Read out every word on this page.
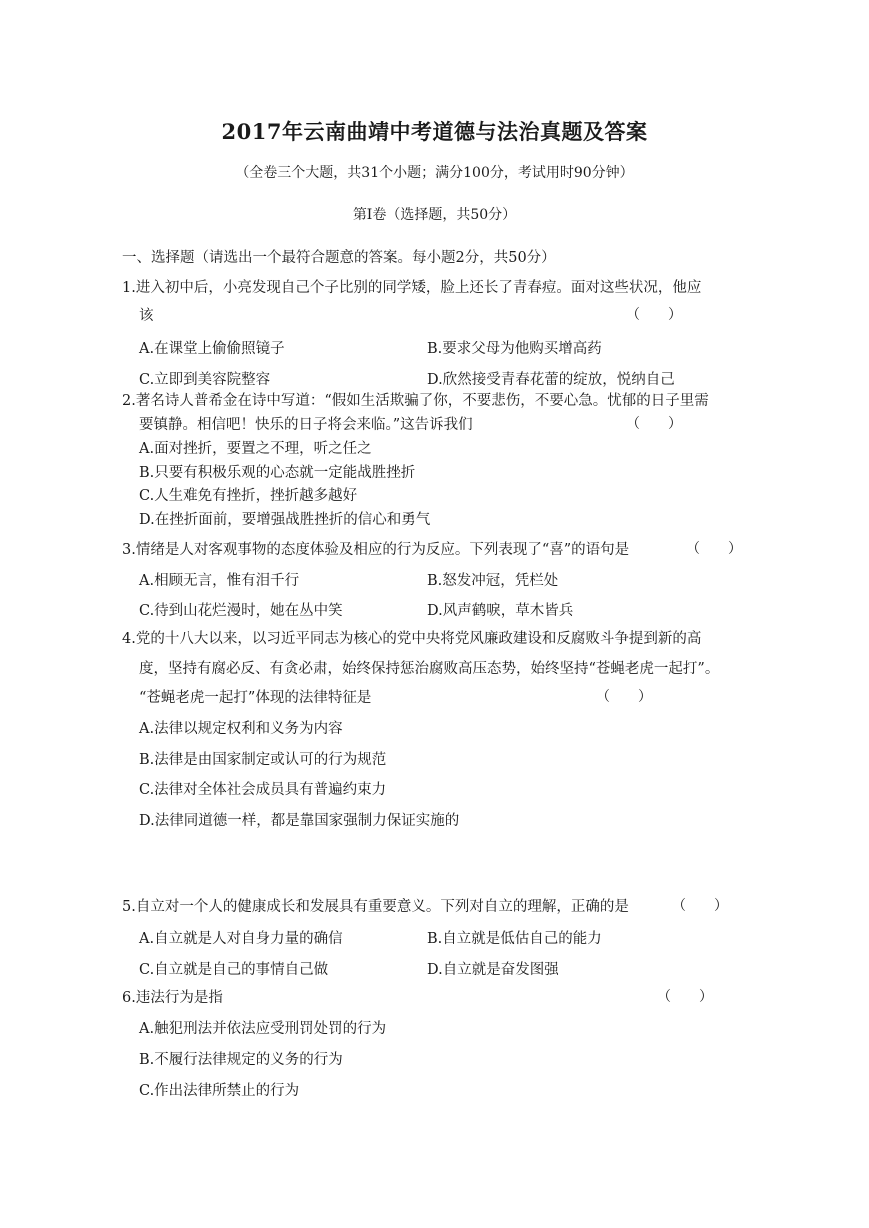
2017年云南曲靖中考道德与法治真题及答案
（全卷三个大题，共31个小题；满分100分，考试用时90分钟）
第Ⅰ卷（选择题，共50分）
一、选择题（请选出一个最符合题意的答案。每小题2分，共50分）
1.进入初中后，小亮发现自己个子比别的同学矮，脸上还长了青春痘。面对这些状况，他应
该	（　　）
A.在课堂上偷偷照镜子	B.要求父母为他购买增高药
C.立即到美容院整容	D.欣然接受青春花蕾的绽放，悦纳自己
2.著名诗人普希金在诗中写道：“假如生活欺骗了你，不要悲伤，不要心急。忧郁的日子里需
要镇静。相信吧！快乐的日子将会来临。”这告诉我们	（　　）
A.面对挫折，要置之不理，听之任之
B.只要有积极乐观的心态就一定能战胜挫折
C.人生难免有挫折，挫折越多越好
D.在挫折面前，要增强战胜挫折的信心和勇气
3.情绪是人对客观事物的态度体验及相应的行为反应。下列表现了“喜”的语句是	（　　）
A.相顾无言，惟有泪千行	B.怒发冲冠，凭栏处
C.待到山花烂漫时，她在丛中笑	D.风声鹤唳，草木皆兵
4.党的十八大以来，以习近平同志为核心的党中央将党风廉政建设和反腐败斗争提到新的高
度，坚持有腐必反、有贪必肃，始终保持惩治腐败高压态势，始终坚持“苍蝇老虎一起打”。
“苍蝇老虎一起打”体现的法律特征是	（　　）
A.法律以规定权利和义务为内容
B.法律是由国家制定或认可的行为规范
C.法律对全体社会成员具有普遍约束力
D.法律同道德一样，都是靠国家强制力保证实施的
5.自立对一个人的健康成长和发展具有重要意义。下列对自立的理解，正确的是	（　　）
A.自立就是人对自身力量的确信	B.自立就是低估自己的能力
C.自立就是自己的事情自己做	D.自立就是奋发图强
6.违法行为是指	（　　）
A.触犯刑法并依法应受刑罚处罚的行为
B.不履行法律规定的义务的行为
C.作出法律所禁止的行为
